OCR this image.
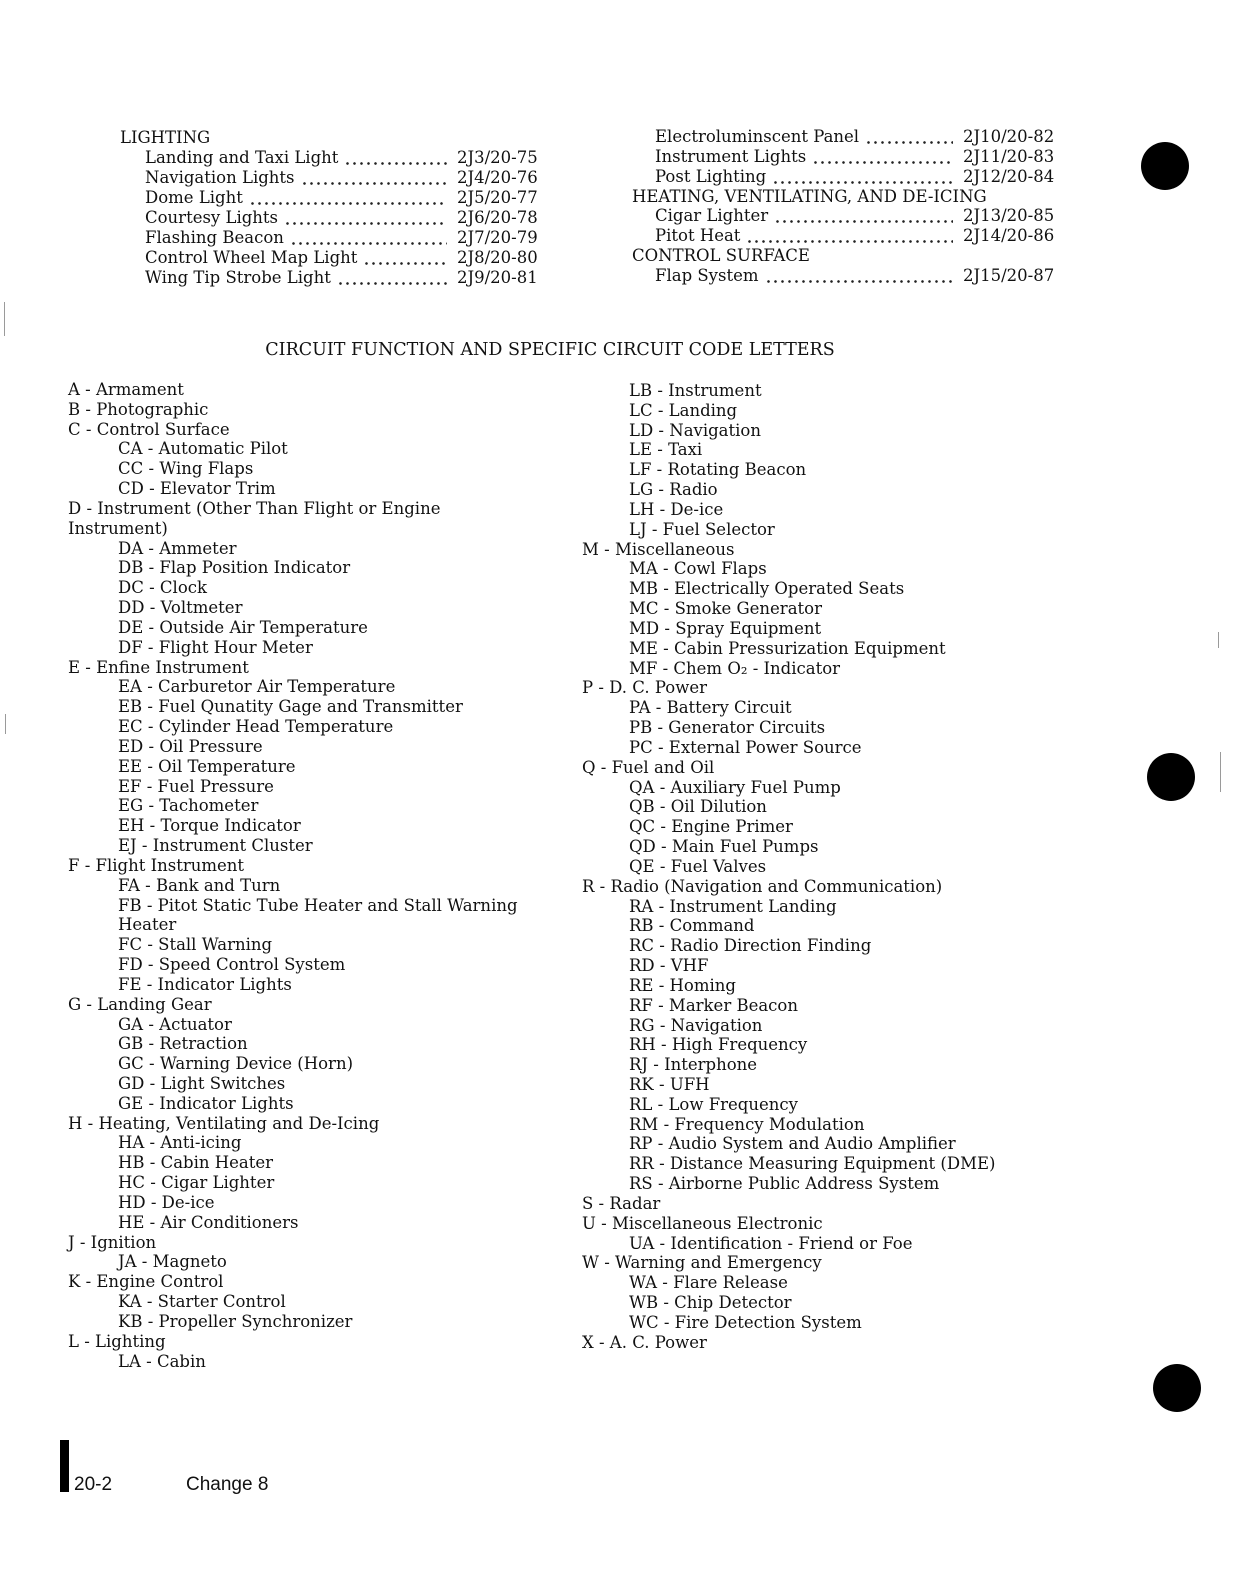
LIGHTING
Landing and Taxi Light	2J3/20-75
Navigation Lights	2J4/20-76
Dome Light	2J5/20-77
Courtesy Lights	2J6/20-78
Flashing Beacon	2J7/20-79
Control Wheel Map Light	2J8/20-80
Wing Tip Strobe Light	2J9/20-81
Electroluminscent Panel	2J10/20-82
Instrument Lights	2J11/20-83
Post Lighting	2J12/20-84
HEATING, VENTILATING, AND DE-ICING
Cigar Lighter	2J13/20-85
Pitot Heat	2J14/20-86
CONTROL SURFACE
Flap System	2J15/20-87
CIRCUIT FUNCTION AND SPECIFIC CIRCUIT CODE LETTERS
A - Armament
B - Photographic
C - Control Surface
CA - Automatic Pilot
CC - Wing Flaps
CD - Elevator Trim
D - Instrument (Other Than Flight or Engine
Instrument)
DA - Ammeter
DB - Flap Position Indicator
DC - Clock
DD - Voltmeter
DE - Outside Air Temperature
DF - Flight Hour Meter
E - Enfine Instrument
EA - Carburetor Air Temperature
EB - Fuel Qunatity Gage and Transmitter
EC - Cylinder Head Temperature
ED - Oil Pressure
EE - Oil Temperature
EF - Fuel Pressure
EG - Tachometer
EH - Torque Indicator
EJ - Instrument Cluster
F - Flight Instrument
FA - Bank and Turn
FB - Pitot Static Tube Heater and Stall Warning
Heater
FC - Stall Warning
FD - Speed Control System
FE - Indicator Lights
G - Landing Gear
GA - Actuator
GB - Retraction
GC - Warning Device (Horn)
GD - Light Switches
GE - Indicator Lights
H - Heating, Ventilating and De-Icing
HA - Anti-icing
HB - Cabin Heater
HC - Cigar Lighter
HD - De-ice
HE - Air Conditioners
J - Ignition
JA - Magneto
K - Engine Control
KA - Starter Control
KB - Propeller Synchronizer
L - Lighting
LA - Cabin
LB - Instrument
LC - Landing
LD - Navigation
LE - Taxi
LF - Rotating Beacon
LG - Radio
LH - De-ice
LJ - Fuel Selector
M - Miscellaneous
MA - Cowl Flaps
MB - Electrically Operated Seats
MC - Smoke Generator
MD - Spray Equipment
ME - Cabin Pressurization Equipment
MF - Chem O₂ - Indicator
P - D. C. Power
PA - Battery Circuit
PB - Generator Circuits
PC - External Power Source
Q - Fuel and Oil
QA - Auxiliary Fuel Pump
QB - Oil Dilution
QC - Engine Primer
QD - Main Fuel Pumps
QE - Fuel Valves
R - Radio (Navigation and Communication)
RA - Instrument Landing
RB - Command
RC - Radio Direction Finding
RD - VHF
RE - Homing
RF - Marker Beacon
RG - Navigation
RH - High Frequency
RJ - Interphone
RK - UFH
RL - Low Frequency
RM - Frequency Modulation
RP - Audio System and Audio Amplifier
RR - Distance Measuring Equipment (DME)
RS - Airborne Public Address System
S - Radar
U - Miscellaneous Electronic
UA - Identification - Friend or Foe
W - Warning and Emergency
WA - Flare Release
WB - Chip Detector
WC - Fire Detection System
X - A. C. Power
20-2	Change 8
